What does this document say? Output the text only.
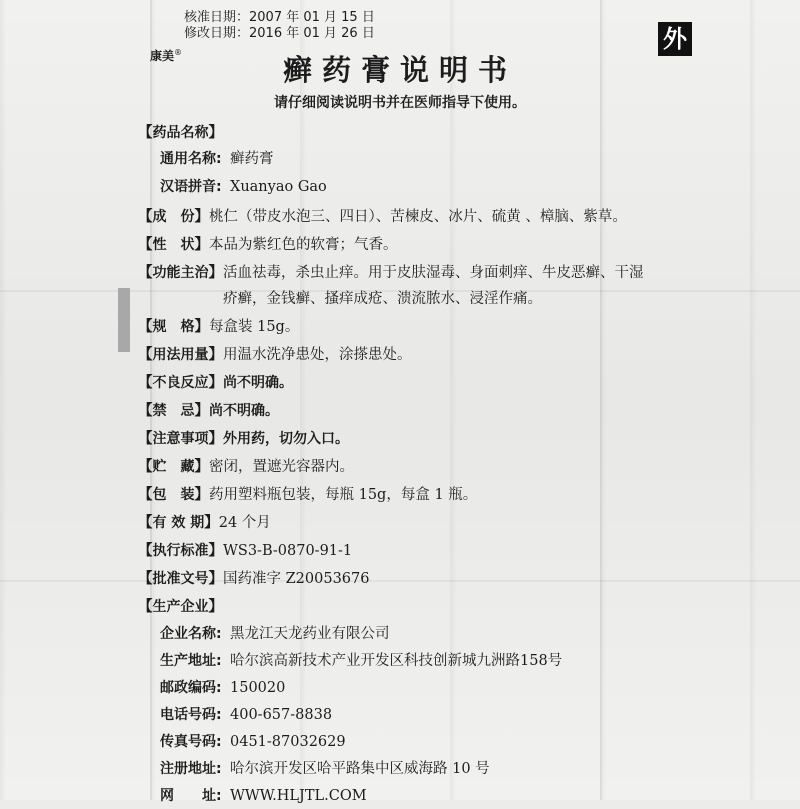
核准日期：2007 年 01 月 15 日
修改日期：2016 年 01 月 26 日
康美®	外
癣药膏说明书
请仔细阅读说明书并在医师指导下使用。
【药品名称】
通用名称: 癣药膏
汉语拼音: Xuanyao Gao
【成　份】桃仁（带皮水泡三、四日）、苦楝皮、冰片、硫黄 、樟脑、紫草。
【性　状】本品为紫红色的软膏；气香。
【功能主治】 活血祛毒，杀虫止痒。用于皮肤湿毒、身面刺痒、牛皮恶癣、干湿
疥癣，金钱癣、搔痒成疮、溃流脓水、浸淫作痛。
【规　格】每盒装 15g。
【用法用量】用温水洗净患处，涂搽患处。
【不良反应】尚不明确。
【禁　忌】尚不明确。
【注意事项】外用药，切勿入口。
【贮　藏】密闭，置遮光容器内。
【包　装】药用塑料瓶包装，每瓶 15g，每盒 1 瓶。
【有 效 期】24 个月
【执行标准】WS3-B-0870-91-1
【批准文号】国药准字 Z20053676
【生产企业】
企业名称: 黑龙江天龙药业有限公司
生产地址: 哈尔滨高新技术产业开发区科技创新城九洲路158号
邮政编码: 150020
电话号码: 400-657-8838
传真号码: 0451-87032629
注册地址: 哈尔滨开发区哈平路集中区威海路 10 号
网　　址: WWW.HLJTL.COM
